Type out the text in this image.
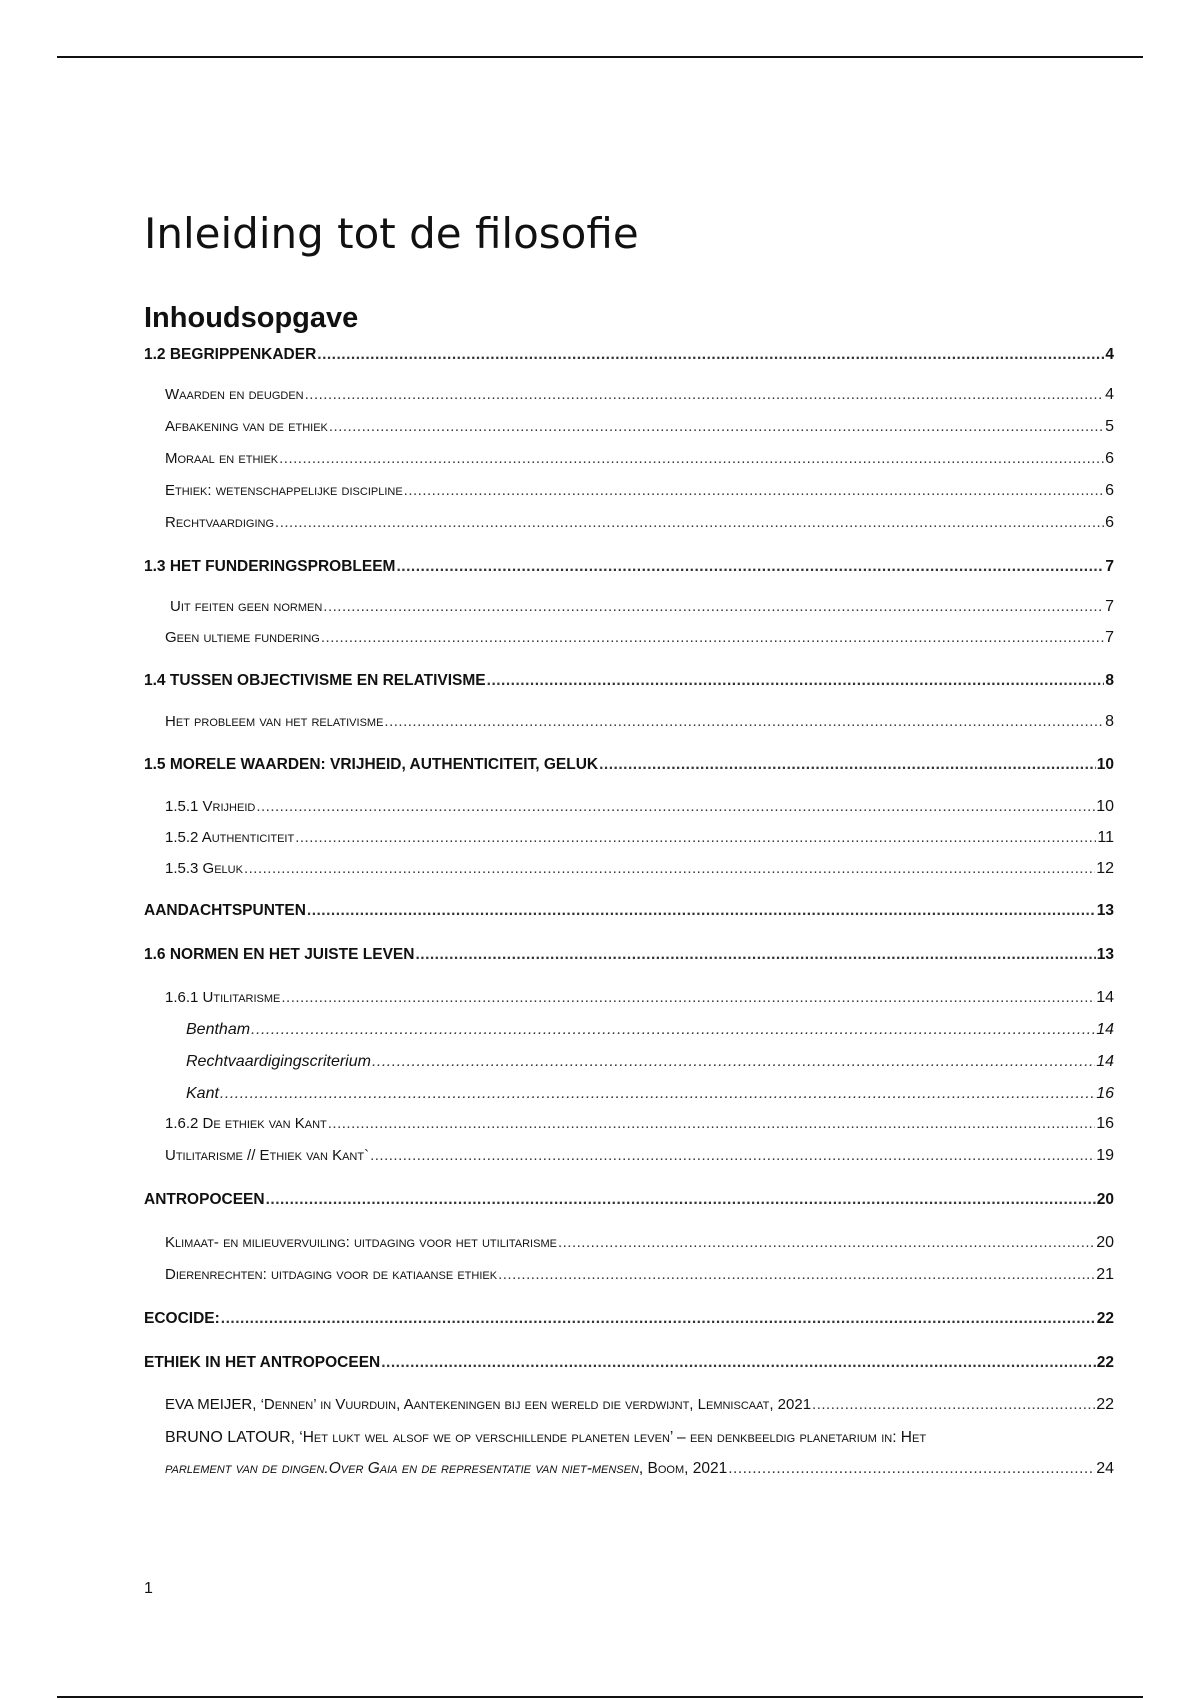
Inleiding tot de filosofie
Inhoudsopgave
1.2 BEGRIPPENKADER .....	4
Waarden en deugden .....	4
Afbakening van de ethiek .....	5
Moraal en ethiek .....	6
Ethiek: wetenschappelijke discipline .....	6
Rechtvaardiging .....	6
1.3 HET FUNDERINGSPROBLEEM .....	7
Uit feiten geen normen .....	7
Geen ultieme fundering .....	7
1.4 TUSSEN OBJECTIVISME EN RELATIVISME .....	8
Het probleem van het relativisme .....	8
1.5 MORELE WAARDEN: VRIJHEID, AUTHENTICITEIT, GELUK .....	10
1.5.1 Vrijheid .....	10
1.5.2 Authenticiteit .....	11
1.5.3 Geluk .....	12
AANDACHTSPUNTEN .....	13
1.6 NORMEN EN HET JUISTE LEVEN .....	13
1.6.1 Utilitarisme .....	14
Bentham .....	14
Rechtvaardigingscriterium .....	14
Kant .....	16
1.6.2 De ethiek van Kant .....	16
Utilitarisme // Ethiek van Kant` .....	19
ANTROPOCEEN .....	20
Klimaat- en milieuvervuiling: uitdaging voor het utilitarisme .....	20
Dierenrechten: uitdaging voor de katiaanse ethiek .....	21
ECOCIDE: .....	22
ETHIEK IN HET ANTROPOCEEN .....	22
EVA MEIJER, ‘Dennen’ in Vuurduin, Aantekeningen bij een wereld die verdwijnt, Lemniscaat, 2021 .....	22
BRUNO LATOUR, ‘Het lukt wel alsof we op verschillende planeten leven’ – een denkbeeldig planetarium in: Het
parlement van de dingen. Over Gaia en de representatie van niet-mensen , Boom, 2021 .....	24
1
